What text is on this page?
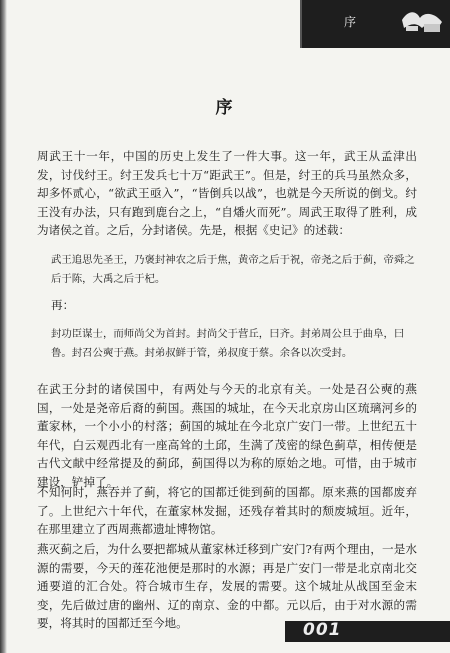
序
序

周武王十一年，中国的历史上发生了一件大事。这一年，武王从孟津出发，讨伐纣王。纣王发兵七十万“距武王”。但是，纣王的兵马虽然众多，却多怀贰心，“欲武王亟入”，“皆倒兵以战”，也就是今天所说的倒戈。纣王没有办法，只有跑到鹿台之上，“自燔火而死”。周武王取得了胜利，成为诸侯之首。之后，分封诸侯。先是，根据《史记》的述载：

武王追思先圣王，乃褒封神农之后于焦，黄帝之后于祝，帝尧之后于蓟，帝舜之后于陈，大禹之后于杞。

再：

封功臣谋士，而师尚父为首封。封尚父于营丘，曰齐。封弟周公旦于曲阜，曰鲁。封召公奭于燕。封弟叔鲜于管，弟叔度于蔡。余各以次受封。

在武王分封的诸侯国中，有两处与今天的北京有关。一处是召公奭的燕国，一处是尧帝后裔的蓟国。燕国的城址，在今天北京房山区琉璃河乡的董家林，一个小小的村落；蓟国的城址在今北京广安门一带。上世纪五十年代，白云观西北有一座高耸的土邱，生满了茂密的绿色蓟草，相传便是古代文献中经常提及的蓟邱，蓟国得以为称的原始之地。可惜，由于城市建设，铲掉了。

不知何时，燕吞并了蓟，将它的国都迁徙到蓟的国都。原来燕的国都废弃了。上世纪六十年代，在董家林发掘，还残存着其时的颓废城垣。近年，在那里建立了西周燕都遗址博物馆。

燕灭蓟之后，为什么要把都城从董家林迁移到广安门?有两个理由，一是水源的需要，今天的莲花池便是那时的水源；再是广安门一带是北京南北交通要道的汇合处。符合城市生存，发展的需要。这个城址从战国至金末变，先后做过唐的幽州、辽的南京、金的中都。元以后，由于对水源的需要，将其时的国都迁至今地。	001
